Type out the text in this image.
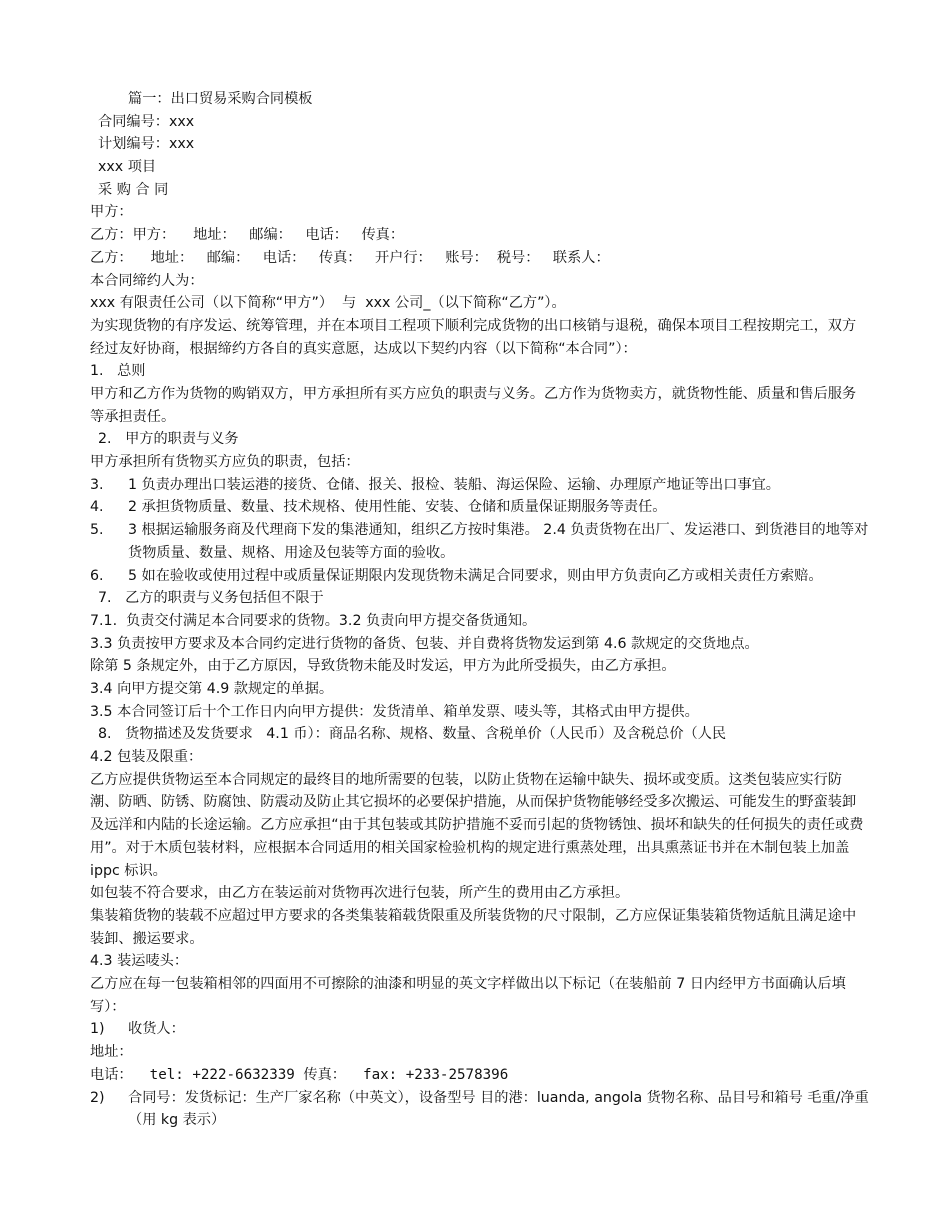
篇一：出口贸易采购合同模板
合同编号：xxx
计划编号：xxx
xxx 项目
采 购 合 同
甲方：
乙方：甲方：    地址：   邮编：   电话：   传真：
乙方：    地址：   邮编：   电话：   传真：   开户行：   账号：  税号：   联系人：
本合同缔约人为：
xxx 有限责任公司（以下简称“甲方”）  与  xxx 公司_（以下简称“乙方”）。
为实现货物的有序发运、统筹管理，并在本项目工程项下顺利完成货物的出口核销与退税，确保本项目工程按期完工，双方经过友好协商，根据缔约方各自的真实意愿，达成以下契约内容（以下简称“本合同”）：
1.   总则
甲方和乙方作为货物的购销双方，甲方承担所有买方应负的职责与义务。乙方作为货物卖方，就货物性能、质量和售后服务等承担责任。
2.   甲方的职责与义务
甲方承担所有货物买方应负的职责，包括：
3.	1 负责办理出口装运港的接货、仓储、报关、报检、装船、海运保险、运输、办理原产地证等出口事宜。
4.	2 承担货物质量、数量、技术规格、使用性能、安装、仓储和质量保证期服务等责任。
5.	3 根据运输服务商及代理商下发的集港通知，组织乙方按时集港。 2.4 负责货物在出厂、发运港口、到货港目的地等对货物质量、数量、规格、用途及包装等方面的验收。
6.	5 如在验收或使用过程中或质量保证期限内发现货物未满足合同要求，则由甲方负责向乙方或相关责任方索赔。
7.   乙方的职责与义务包括但不限于
7.1.  负责交付满足本合同要求的货物。3.2 负责向甲方提交备货通知。
3.3 负责按甲方要求及本合同约定进行货物的备货、包装、并自费将货物发运到第 4.6 款规定的交货地点。
除第 5 条规定外，由于乙方原因，导致货物未能及时发运，甲方为此所受损失，由乙方承担。
3.4 向甲方提交第 4.9 款规定的单据。
3.5 本合同签订后十个工作日内向甲方提供：发货清单、箱单发票、唛头等，其格式由甲方提供。
8.   货物描述及发货要求   4.1 币）：商品名称、规格、数量、含税单价（人民币）及含税总价（人民
4.2 包装及限重：
乙方应提供货物运至本合同规定的最终目的地所需要的包装，以防止货物在运输中缺失、损坏或变质。这类包装应实行防潮、防晒、防锈、防腐蚀、防震动及防止其它损坏的必要保护措施，从而保护货物能够经受多次搬运、可能发生的野蛮装卸及远洋和内陆的长途运输。乙方应承担“由于其包装或其防护措施不妥而引起的货物锈蚀、损坏和缺失的任何损失的责任或费用”。对于木质包装材料，应根据本合同适用的相关国家检验机构的规定进行熏蒸处理，出具熏蒸证书并在木制包装上加盖 ippc 标识。
如包装不符合要求，由乙方在装运前对货物再次进行包装，所产生的费用由乙方承担。
集装箱货物的装载不应超过甲方要求的各类集装箱载货限重及所装货物的尺寸限制，乙方应保证集装箱货物适航且满足途中装卸、搬运要求。
4.3 装运唛头：
乙方应在每一包装箱相邻的四面用不可擦除的油漆和明显的英文字样做出以下标记（在装船前 7 日内经甲方书面确认后填写）：
1)	收货人：
地址：
电话：  tel: +222-6632339 传真：  fax: +233-2578396
2)	合同号：发货标记：生产厂家名称（中英文），设备型号 目的港：luanda, angola 货物名称、品目号和箱号 毛重/净重（用 kg 表示）
